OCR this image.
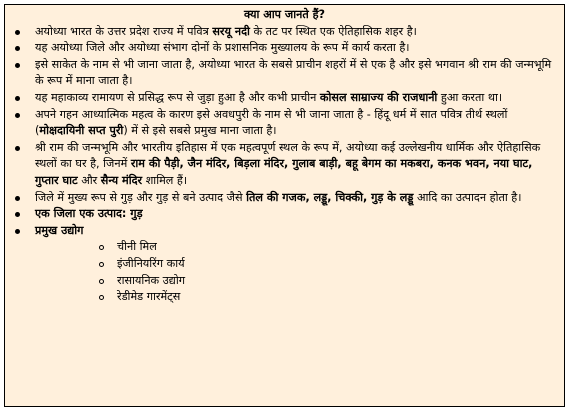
क्या आप जानते हैं?
अयोध्या भारत के उत्तर प्रदेश राज्य में पवित्र सरयू नदी के तट पर स्थित एक ऐतिहासिक शहर है।
यह अयोध्या जिले और अयोध्या संभाग दोनों के प्रशासनिक मुख्यालय के रूप में कार्य करता है।
इसे साकेत के नाम से भी जाना जाता है, अयोध्या भारत के सबसे प्राचीन शहरों में से एक है और इसे भगवान श्री राम की जन्मभूमि के रूप में माना जाता है।
यह महाकाव्य रामायण से प्रसिद्ध रूप से जुड़ा हुआ है और कभी प्राचीन कोसल साम्राज्य की राजधानी हुआ करता था।
अपने गहन आध्यात्मिक महत्व के कारण इसे अवधपुरी के नाम से भी जाना जाता है - हिंदू धर्म में सात पवित्र तीर्थ स्थलों (मोक्षदायिनी सप्त पुरी) में से इसे सबसे प्रमुख माना जाता है।
श्री राम की जन्मभूमि और भारतीय इतिहास में एक महत्वपूर्ण स्थल के रूप में, अयोध्या कई उल्लेखनीय धार्मिक और ऐतिहासिक स्थलों का घर है, जिनमें राम की पैड़ी, जैन मंदिर, बिड़ला मंदिर, गुलाब बाड़ी, बहू बेगम का मकबरा, कनक भवन, नया घाट, गुप्तार घाट और सैन्य मंदिर शामिल हैं।
जिले में मुख्य रूप से गुड़ और गुड़ से बने उत्पाद जैसे तिल की गजक, लड्डू, चिक्की, गुड़ के लड्डू आदि का उत्पादन होता है।
एक जिला एक उत्पाद: गुड़
प्रमुख उद्योग
चीनी मिल
इंजीनियरिंग कार्य
रासायनिक उद्योग
रेडीमेड गारमेंट्स
